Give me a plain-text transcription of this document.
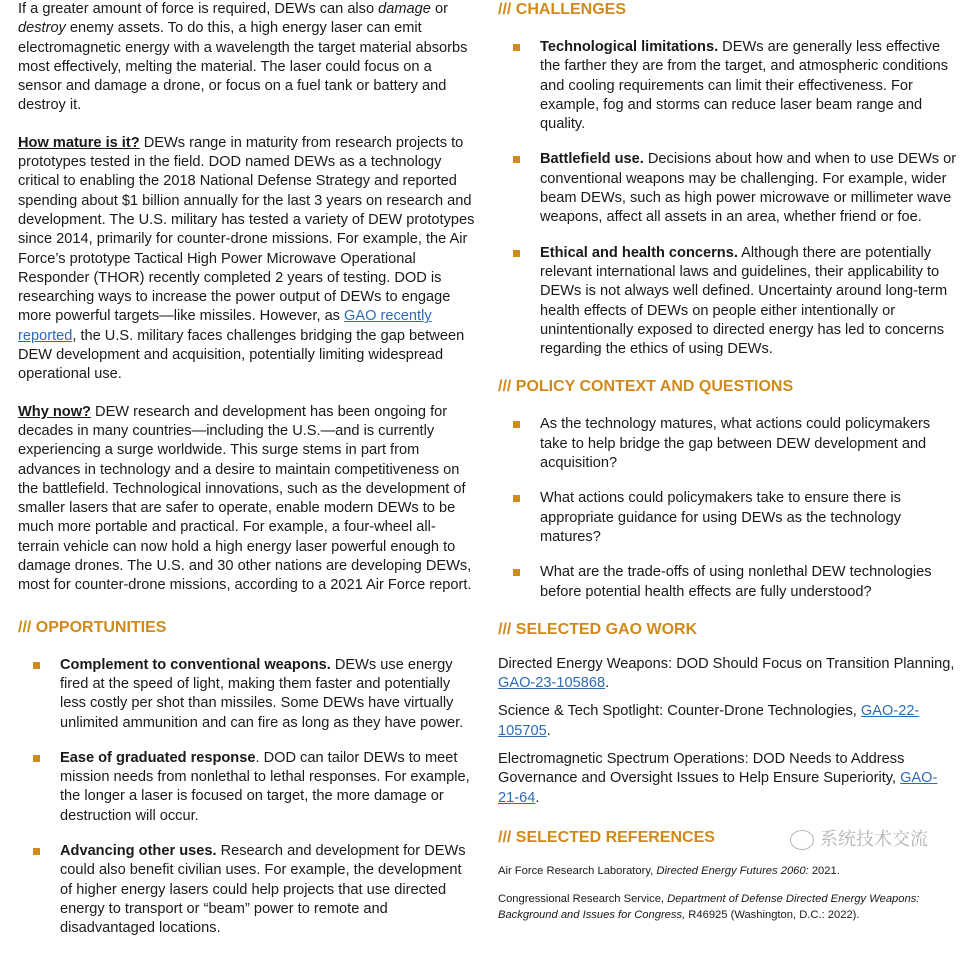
If a greater amount of force is required, DEWs can also damage or destroy enemy assets. To do this, a high energy laser can emit electromagnetic energy with a wavelength the target material absorbs most effectively, melting the material. The laser could focus on a sensor and damage a drone, or focus on a fuel tank or battery and destroy it.

How mature is it? DEWs range in maturity from research projects to prototypes tested in the field. DOD named DEWs as a technology critical to enabling the 2018 National Defense Strategy and reported spending about $1 billion annually for the last 3 years on research and development. The U.S. military has tested a variety of DEW prototypes since 2014, primarily for counter-drone missions. For example, the Air Force’s prototype Tactical High Power Microwave Operational Responder (THOR) recently completed 2 years of testing. DOD is researching ways to increase the power output of DEWs to engage more powerful targets—like missiles. However, as GAO recently reported, the U.S. military faces challenges bridging the gap between DEW development and acquisition, potentially limiting widespread operational use.

Why now? DEW research and development has been ongoing for decades in many countries—including the U.S.—and is currently experiencing a surge worldwide. This surge stems in part from advances in technology and a desire to maintain competitiveness on the battlefield. Technological innovations, such as the development of smaller lasers that are safer to operate, enable modern DEWs to be much more portable and practical. For example, a four-wheel all-terrain vehicle can now hold a high energy laser powerful enough to damage drones. The U.S. and 30 other nations are developing DEWs, most for counter-drone missions, according to a 2021 Air Force report.

/// OPPORTUNITIES
Complement to conventional weapons. DEWs use energy fired at the speed of light, making them faster and potentially less costly per shot than missiles. Some DEWs have virtually unlimited ammunition and can fire as long as they have power.
Ease of graduated response. DOD can tailor DEWs to meet mission needs from nonlethal to lethal responses. For example, the longer a laser is focused on target, the more damage or destruction will occur.
Advancing other uses. Research and development for DEWs could also benefit civilian uses. For example, the development of higher energy lasers could help projects that use directed energy to transport or “beam” power to remote and disadvantaged locations.
/// CHALLENGES
Technological limitations. DEWs are generally less effective the farther they are from the target, and atmospheric conditions and cooling requirements can limit their effectiveness. For example, fog and storms can reduce laser beam range and quality.
Battlefield use. Decisions about how and when to use DEWs or conventional weapons may be challenging. For example, wider beam DEWs, such as high power microwave or millimeter wave weapons, affect all assets in an area, whether friend or foe.
Ethical and health concerns. Although there are potentially relevant international laws and guidelines, their applicability to DEWs is not always well defined. Uncertainty around long-term health effects of DEWs on people either intentionally or unintentionally exposed to directed energy has led to concerns regarding the ethics of using DEWs.
/// POLICY CONTEXT AND QUESTIONS
As the technology matures, what actions could policymakers take to help bridge the gap between DEW development and acquisition?
What actions could policymakers take to ensure there is appropriate guidance for using DEWs as the technology matures?
What are the trade-offs of using nonlethal DEW technologies before potential health effects are fully understood?
/// SELECTED GAO WORK

Directed Energy Weapons: DOD Should Focus on Transition Planning, GAO-23-105868.

Science & Tech Spotlight: Counter-Drone Technologies, GAO-22-105705.

Electromagnetic Spectrum Operations: DOD Needs to Address Governance and Oversight Issues to Help Ensure Superiority, GAO-21-64.

/// SELECTED REFERENCES

Air Force Research Laboratory, Directed Energy Futures 2060: 2021.

Congressional Research Service, Department of Defense Directed Energy Weapons: Background and Issues for Congress, R46925 (Washington, D.C.: 2022).

系统技术交流
